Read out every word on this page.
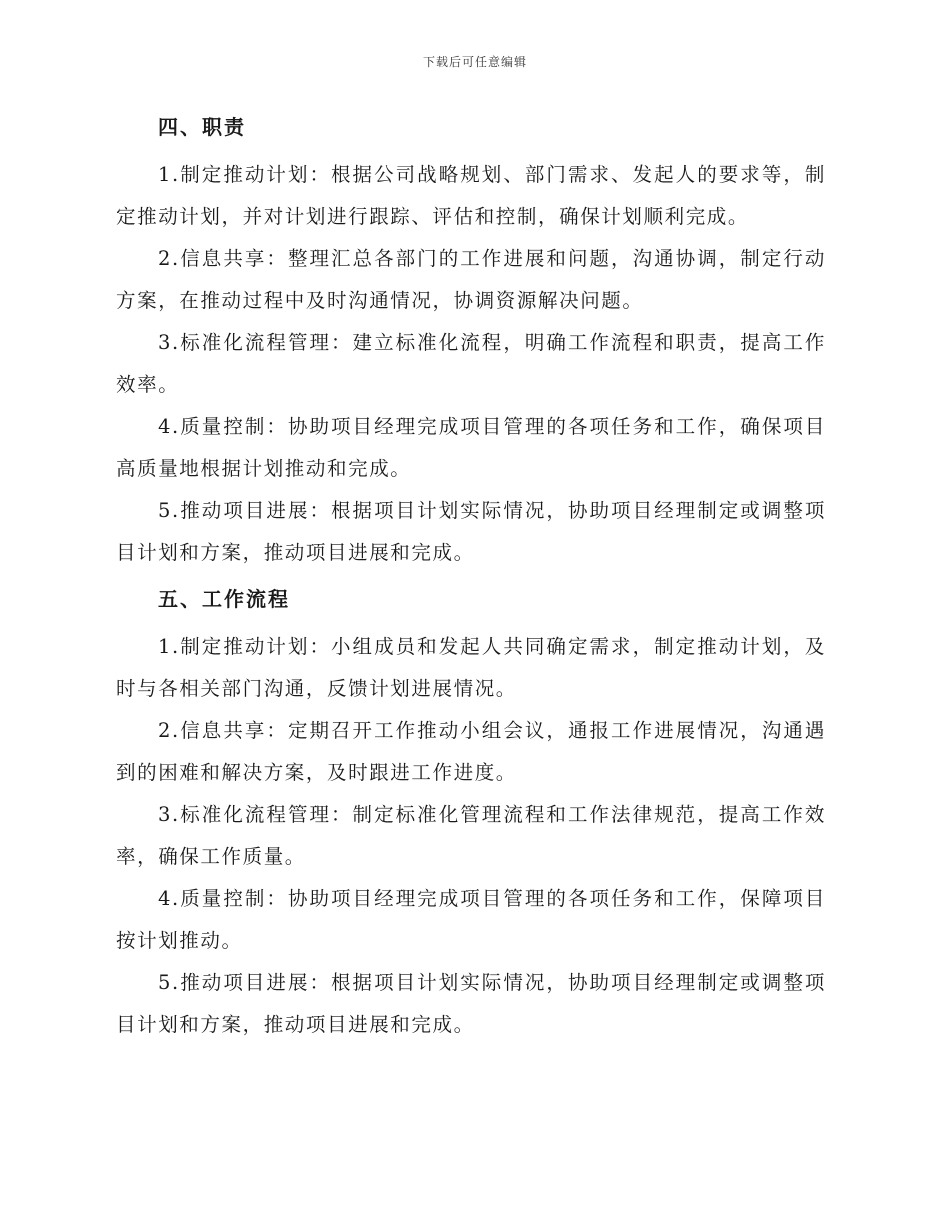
下载后可任意编辑
四、职责

1.制定推动计划：根据公司战略规划、部门需求、发起人的要求等，制定推动计划，并对计划进行跟踪、评估和控制，确保计划顺利完成。

2.信息共享：整理汇总各部门的工作进展和问题，沟通协调，制定行动方案，在推动过程中及时沟通情况，协调资源解决问题。

3.标准化流程管理：建立标准化流程，明确工作流程和职责，提高工作效率。

4.质量控制：协助项目经理完成项目管理的各项任务和工作，确保项目高质量地根据计划推动和完成。

5.推动项目进展：根据项目计划实际情况，协助项目经理制定或调整项目计划和方案，推动项目进展和完成。

五、工作流程

1.制定推动计划：小组成员和发起人共同确定需求，制定推动计划，及时与各相关部门沟通，反馈计划进展情况。

2.信息共享：定期召开工作推动小组会议，通报工作进展情况，沟通遇到的困难和解决方案，及时跟进工作进度。

3.标准化流程管理：制定标准化管理流程和工作法律规范，提高工作效率，确保工作质量。

4.质量控制：协助项目经理完成项目管理的各项任务和工作，保障项目按计划推动。

5.推动项目进展：根据项目计划实际情况，协助项目经理制定或调整项目计划和方案，推动项目进展和完成。
